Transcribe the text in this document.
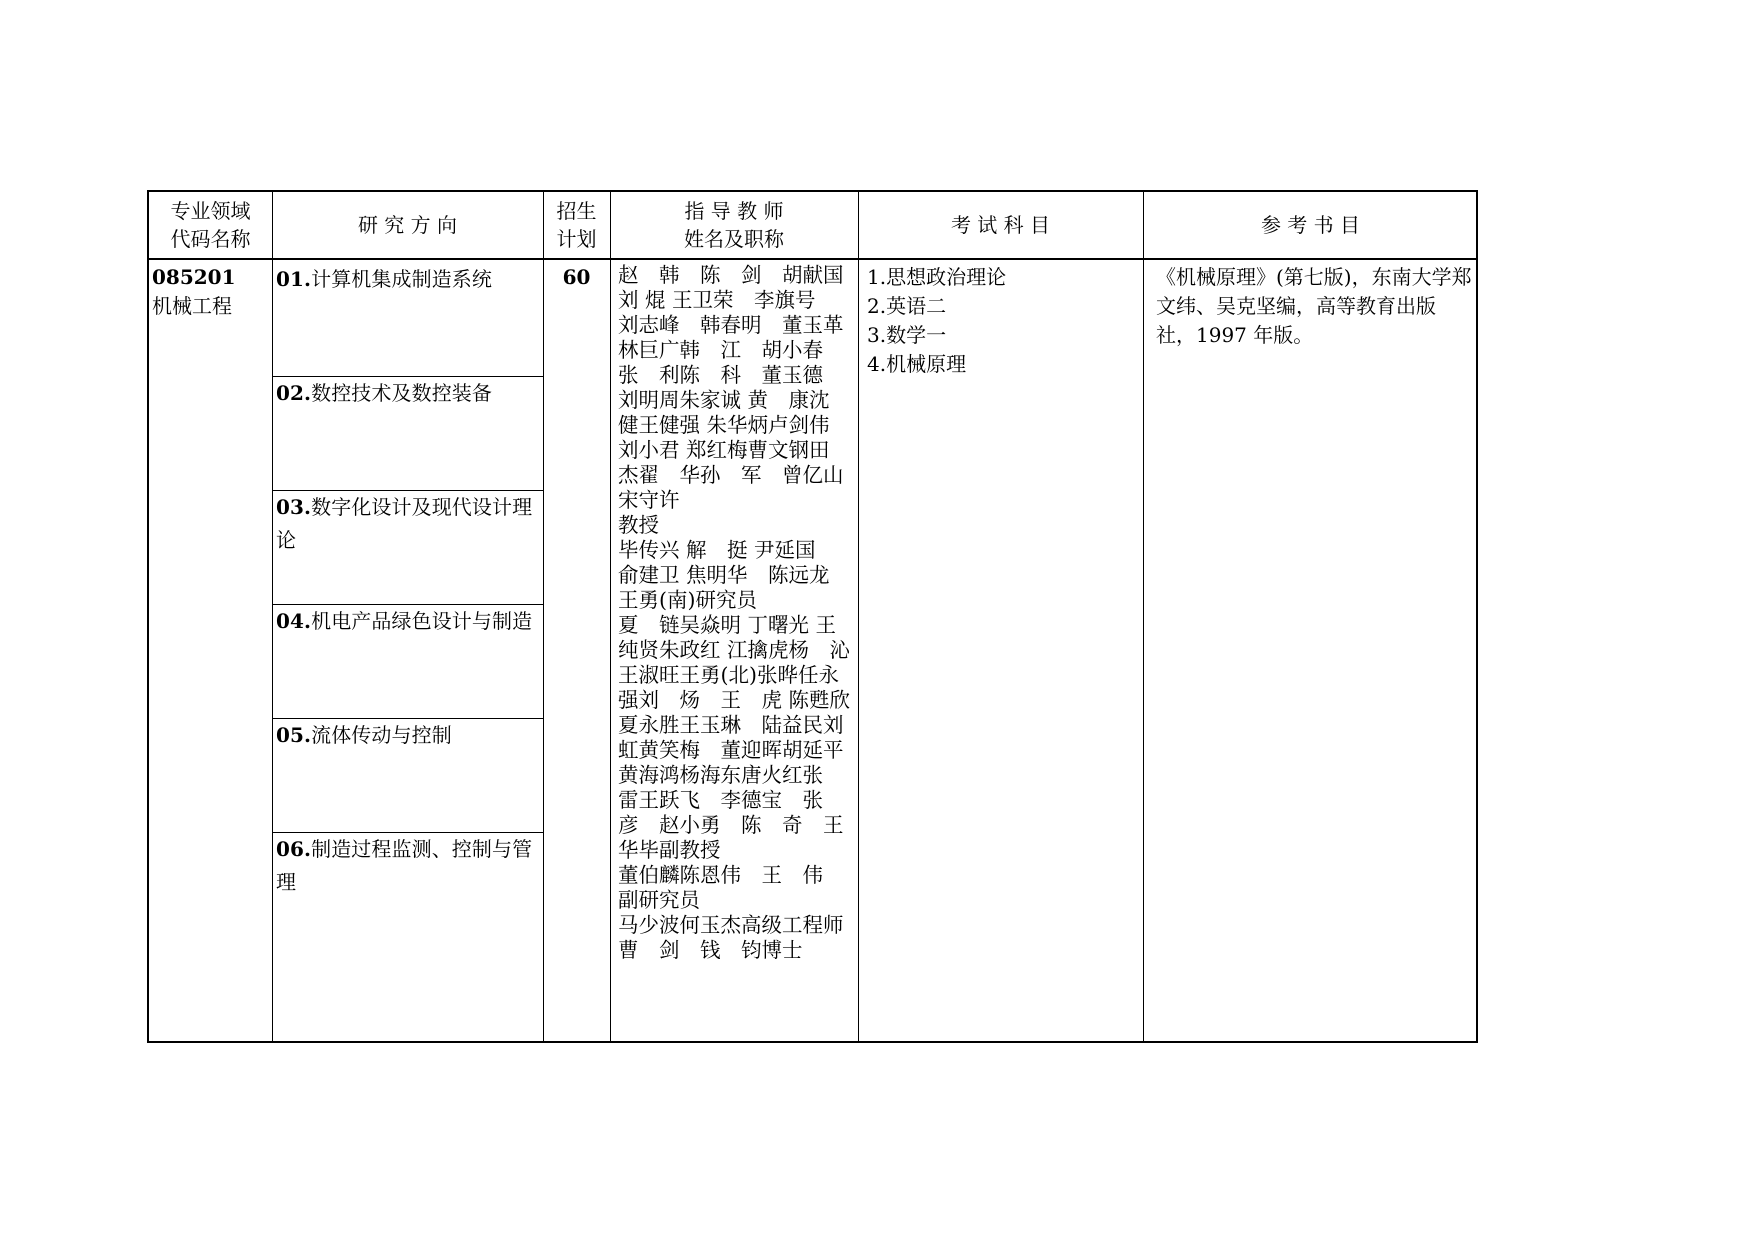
专业领域
代码名称
研 究 方 向
招生
计划
指 导 教 师
姓名及职称
考 试 科 目	参 考 书 目
085201
机械工程
01.计算机集成制造系统
02.数控技术及数控装备
03.数字化设计及现代设计理论
04.机电产品绿色设计与制造
05.流体传动与控制
06.制造过程监测、控制与管理
60	赵　韩　陈　剑　胡献国
刘 焜 王卫荣　李旗号
刘志峰　韩春明　董玉革
林巨广韩　江　胡小春
张　利陈　科　董玉德
刘明周朱家诚 黄　康沈
健王健强 朱华炳卢剑伟
刘小君 郑红梅曹文钢田
杰翟　华孙　军　曾亿山
宋守许
教授
毕传兴 解　挺 尹延国
俞建卫 焦明华　陈远龙
王勇(南)研究员
夏　链吴焱明 丁曙光 王
纯贤朱政红 江擒虎杨　沁
王淑旺王勇(北)张晔任永
强刘　炀　王　虎 陈甦欣
夏永胜王玉琳　陆益民刘
虹黄笑梅　董迎晖胡延平
黄海鸿杨海东唐火红张
雷王跃飞　李德宝　张
彦　赵小勇　陈　奇　王
华毕副教授
董伯麟陈恩伟　王　伟
副研究员
马少波何玉杰高级工程师
曹　剑　钱　钧博士
1.思想政治理论
2.英语二
3.数学一
4.机械原理
《机械原理》(第七版)，东南大学郑文纬、吴克坚编，高等教育出版社，1997 年版。
